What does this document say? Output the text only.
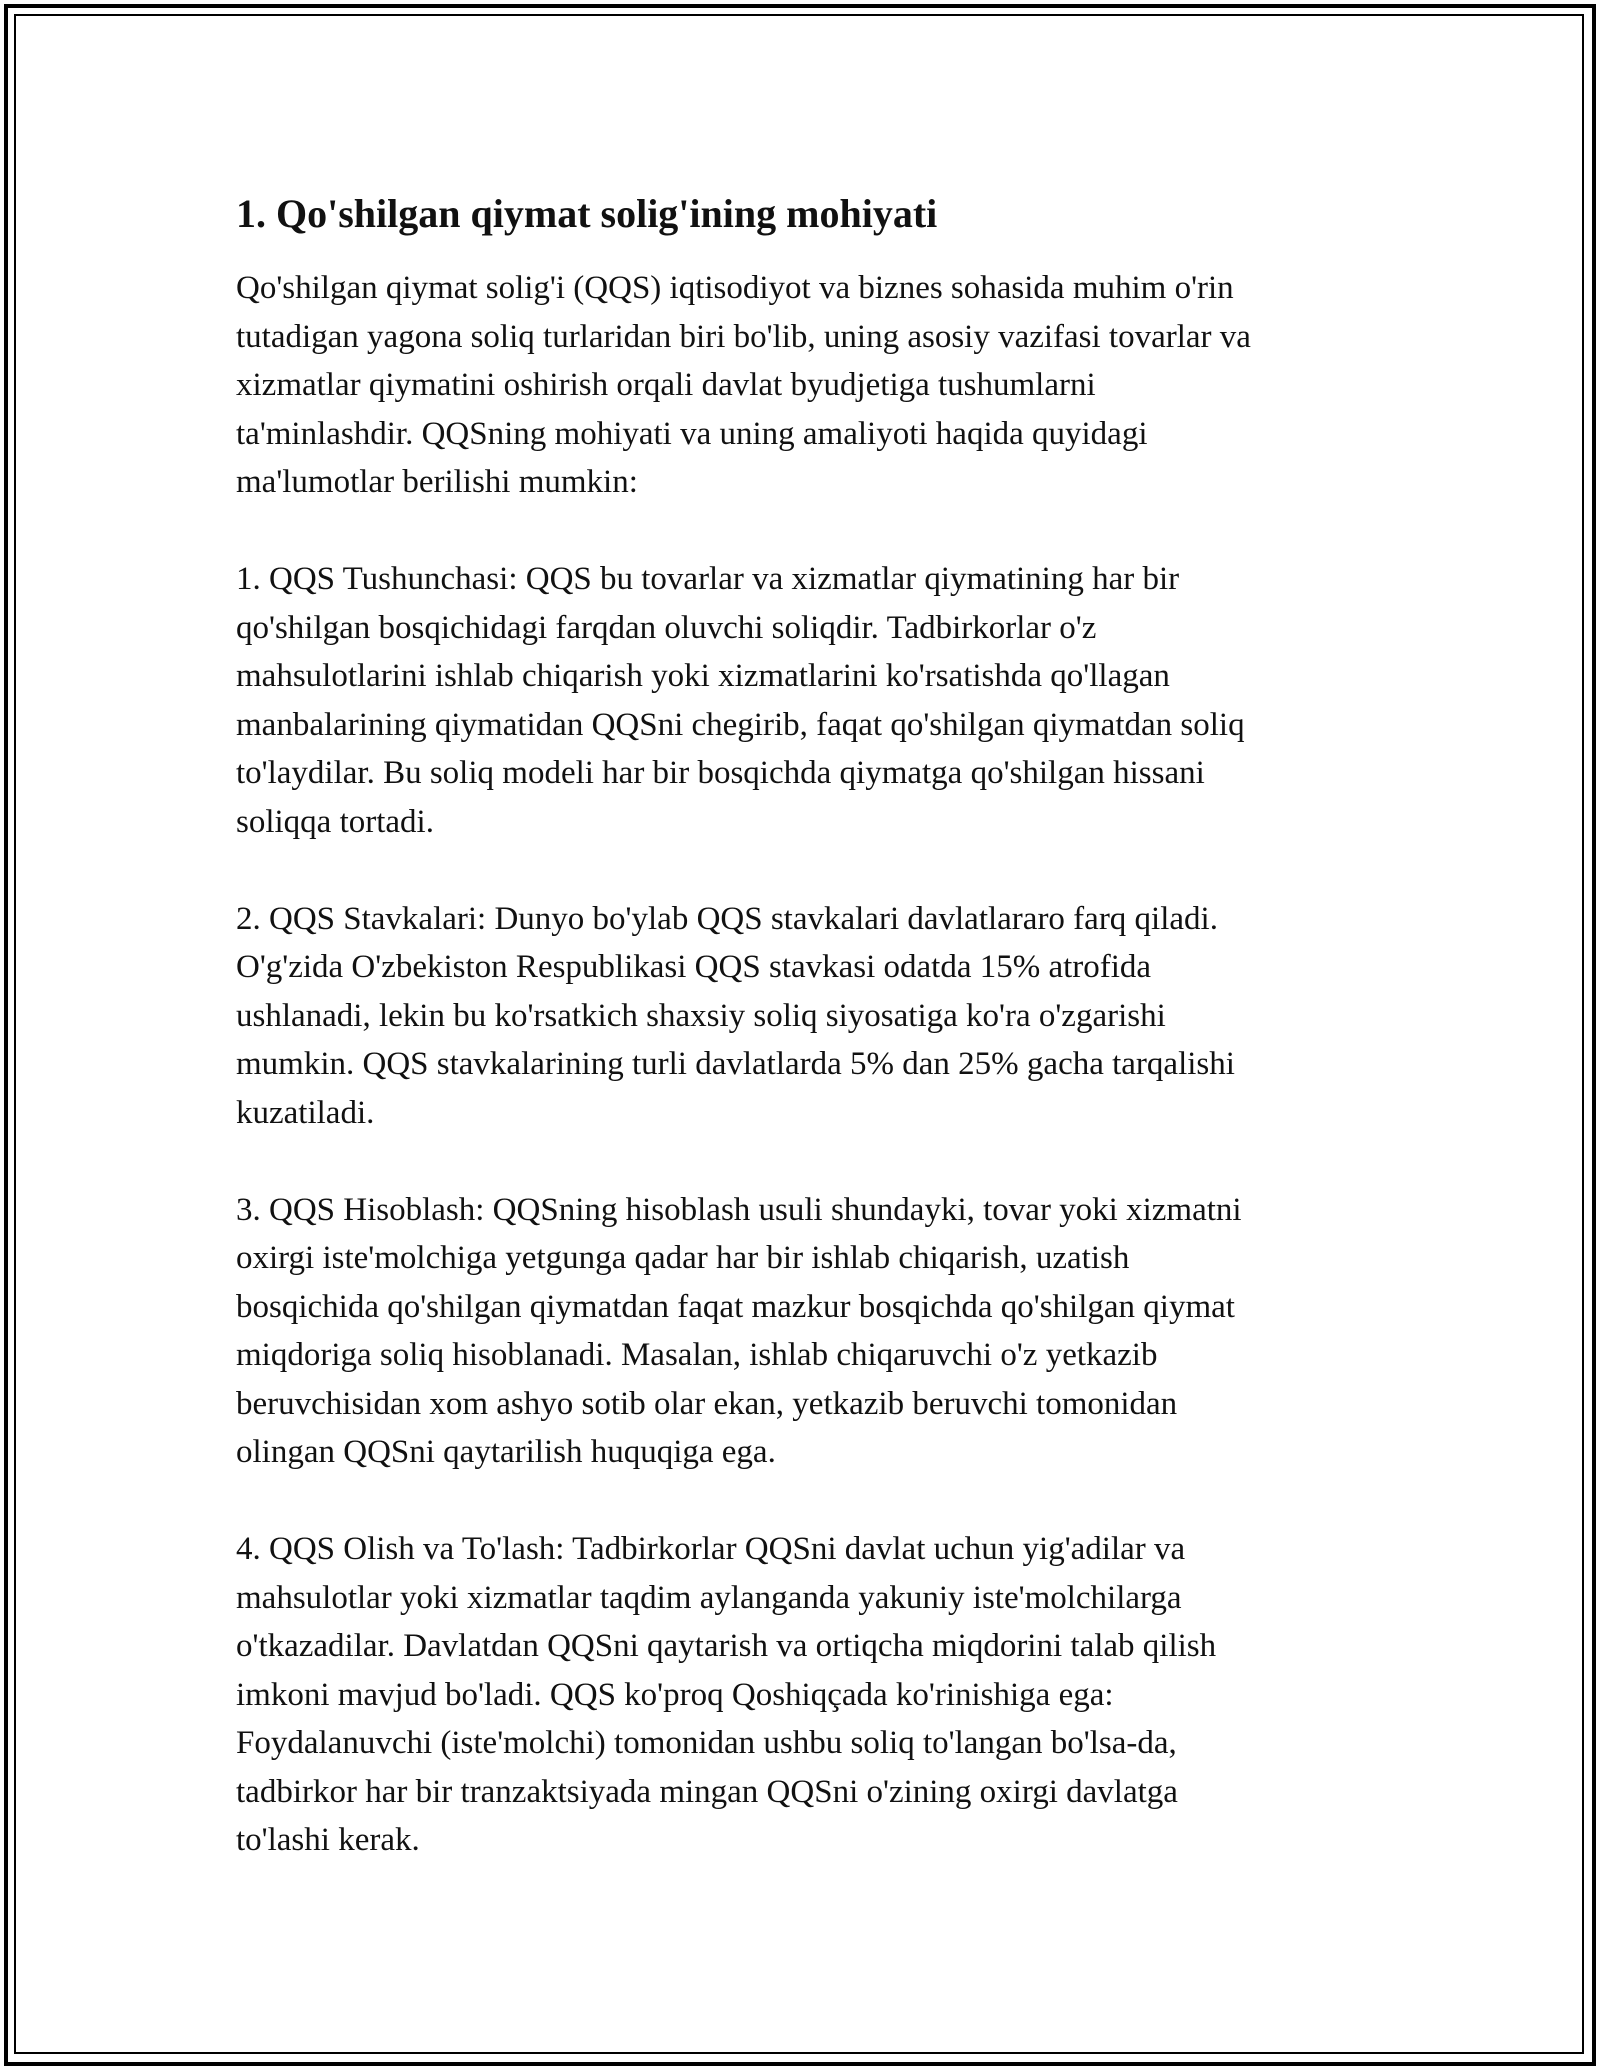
1. Qo'shilgan qiymat solig'ining mohiyati

Qo'shilgan qiymat solig'i (QQS) iqtisodiyot va biznes sohasida muhim o'rin
tutadigan yagona soliq turlaridan biri bo'lib, uning asosiy vazifasi tovarlar va
xizmatlar qiymatini oshirish orqali davlat byudjetiga tushumlarni
ta'minlashdir. QQSning mohiyati va uning amaliyoti haqida quyidagi
ma'lumotlar berilishi mumkin:

1. QQS Tushunchasi: QQS bu tovarlar va xizmatlar qiymatining har bir
qo'shilgan bosqichidagi farqdan oluvchi soliqdir. Tadbirkorlar o'z
mahsulotlarini ishlab chiqarish yoki xizmatlarini ko'rsatishda qo'llagan
manbalarining qiymatidan QQSni chegirib, faqat qo'shilgan qiymatdan soliq
to'laydilar. Bu soliq modeli har bir bosqichda qiymatga qo'shilgan hissani
soliqqa tortadi.

2. QQS Stavkalari: Dunyo bo'ylab QQS stavkalari davlatlararo farq qiladi.
O'g'zida O'zbekiston Respublikasi QQS stavkasi odatda 15% atrofida
ushlanadi, lekin bu ko'rsatkich shaxsiy soliq siyosatiga ko'ra o'zgarishi
mumkin. QQS stavkalarining turli davlatlarda 5% dan 25% gacha tarqalishi
kuzatiladi.

3. QQS Hisoblash: QQSning hisoblash usuli shundayki, tovar yoki xizmatni
oxirgi iste'molchiga yetgunga qadar har bir ishlab chiqarish, uzatish
bosqichida qo'shilgan qiymatdan faqat mazkur bosqichda qo'shilgan qiymat
miqdoriga soliq hisoblanadi. Masalan, ishlab chiqaruvchi o'z yetkazib
beruvchisidan xom ashyo sotib olar ekan, yetkazib beruvchi tomonidan
olingan QQSni qaytarilish huquqiga ega.

4. QQS Olish va To'lash: Tadbirkorlar QQSni davlat uchun yig'adilar va
mahsulotlar yoki xizmatlar taqdim aylanganda yakuniy iste'molchilarga
o'tkazadilar. Davlatdan QQSni qaytarish va ortiqcha miqdorini talab qilish
imkoni mavjud bo'ladi. QQS ko'proq Qoshiqçada ko'rinishiga ega:
Foydalanuvchi (iste'molchi) tomonidan ushbu soliq to'langan bo'lsa-da,
tadbirkor har bir tranzaktsiyada mingan QQSni o'zining oxirgi davlatga
to'lashi kerak.
